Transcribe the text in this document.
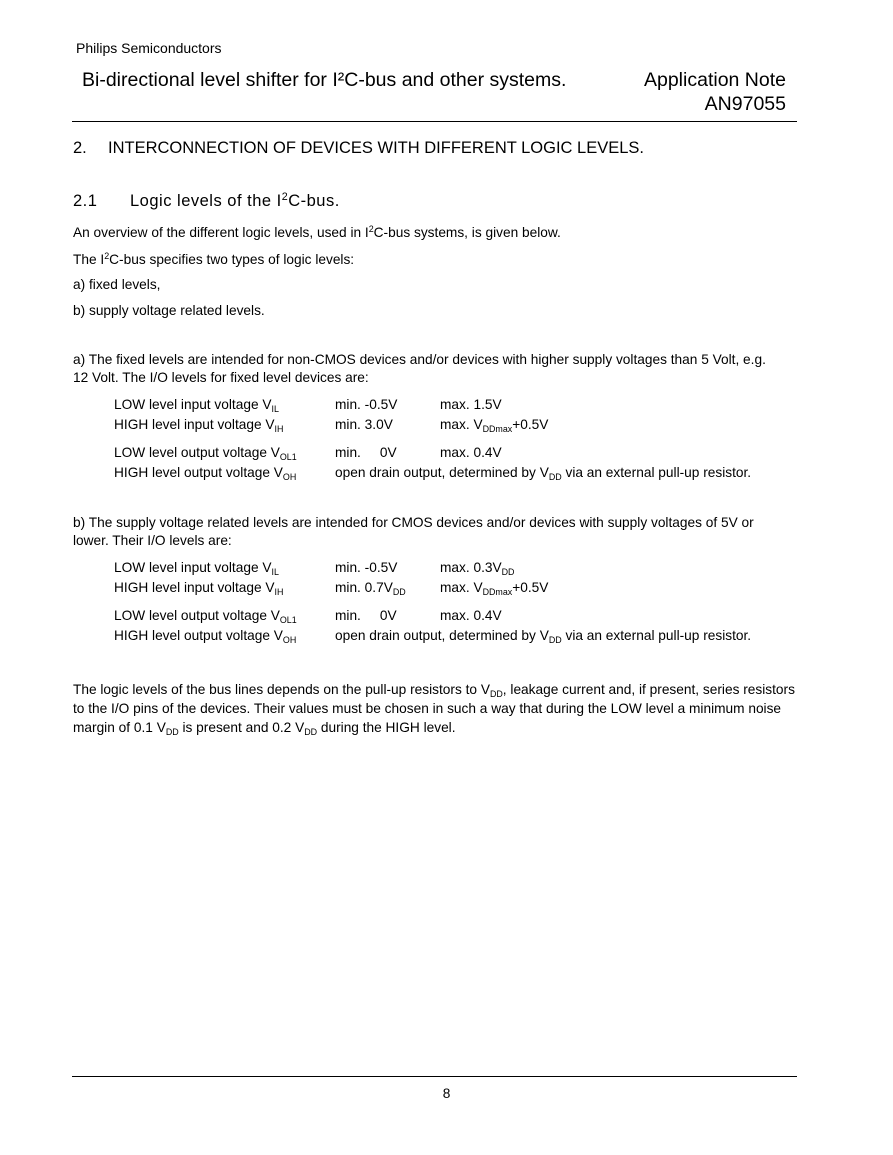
Philips Semiconductors
Bi-directional level shifter for I²C-bus and other systems.	Application Note
AN97055
2. INTERCONNECTION OF DEVICES WITH DIFFERENT LOGIC LEVELS.
2.1 Logic levels of the $I^2C$-bus.
An overview of the different logic levels, used in $I^2C$-bus systems, is given below.
The $I^2C$-bus specifies two types of logic levels:
a) fixed levels,
b) supply voltage related levels.
a) The fixed levels are intended for non-CMOS devices and/or devices with higher supply voltages than 5 Volt, e.g.      12 Volt. The I/O levels for fixed level devices are:
LOW level input voltage $V_{IL}$	min. -0.5V	max. 1.5V
HIGH level input voltage $V_{IH}$	min. 3.0V	max. $V_{DDmax}+0.5V$
LOW level output voltage $V_{OL1}$	min.     0V	max. 0.4V
HIGH level output voltage $V_{OH}$	open drain output, determined by $V_{DD}$ via an external pull-up resistor.
b) The supply voltage related levels are intended for CMOS devices and/or devices with supply voltages of 5V or        lower. Their I/O levels are:
LOW level input voltage $V_{IL}$	min. -0.5V	max. $0.3V_{DD}$
HIGH level input voltage $V_{IH}$	min. $0.7V_{DD}$	max. $V_{DDmax}+0.5V$
LOW level output voltage $V_{OL1}$	min.     0V	max. 0.4V
HIGH level output voltage $V_{OH}$	open drain output, determined by $V_{DD}$ via an external pull-up resistor.
The logic levels of the bus lines depends on the pull-up resistors to $V_{DD}$, leakage current and, if present, series resistors to the I/O pins of the devices. Their values must be chosen in such a way that during the LOW level a minimum noise margin of 0.1 $V_{DD}$ is present and 0.2 $V_{DD}$ during the HIGH level.
8
